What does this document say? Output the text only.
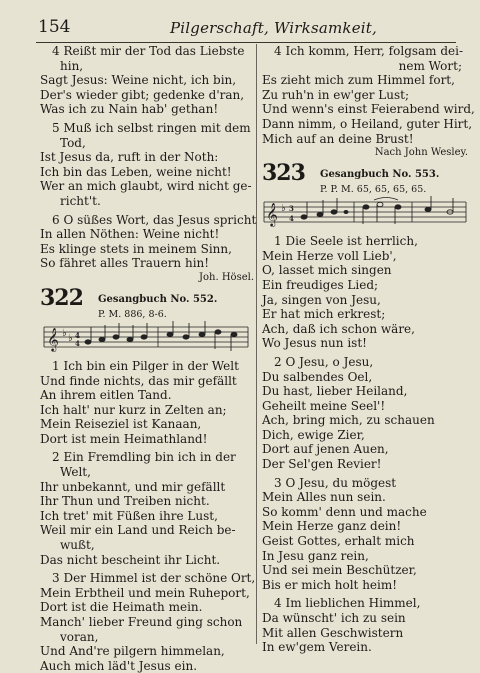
154	Pilgerschaft, Wirksamkeit,
4 Reißt mir der Tod das Liebste
hin,
Sagt Jesus: Weine nicht, ich bin,
Der's wieder gibt; gedenke d'ran,
Was ich zu Nain hab' gethan!
5 Muß ich selbst ringen mit dem
Tod,
Ist Jesus da, ruft in der Noth:
Ich bin das Leben, weine nicht!
Wer an mich glaubt, wird nicht ge-
richt't.
6 O süßes Wort, das Jesus spricht
In allen Nöthen: Weine nicht!
Es klinge stets in meinem Sinn,
So fähret alles Trauern hin!
Joh. Hösel.
322 Gesangbuch No. 552.
P. M. 886, 8-6.
𝄞 ♭ ♭ 4
4
1 Ich bin ein Pilger in der Welt
Und finde nichts, das mir gefällt
An ihrem eitlen Tand.
Ich halt' nur kurz in Zelten an;
Mein Reiseziel ist Kanaan,
Dort ist mein Heimathland!
2 Ein Fremdling bin ich in der
Welt,
Ihr unbekannt, und mir gefällt
Ihr Thun und Treiben nicht.
Ich tret' mit Füßen ihre Lust,
Weil mir ein Land und Reich be-
wußt,
Das nicht bescheint ihr Licht.
3 Der Himmel ist der schöne Ort,
Mein Erbtheil und mein Ruheport,
Dort ist die Heimath mein.
Manch' lieber Freund ging schon
voran,
Und And're pilgern himmelan,
Auch mich läd't Jesus ein.
4 Ich komm, Herr, folgsam dei-
nem Wort;
Es zieht mich zum Himmel fort,
Zu ruh'n in ew'ger Lust;
Und wenn's einst Feierabend wird,
Dann nimm, o Heiland, guter Hirt,
Mich auf an deine Brust!
Nach John Wesley.
323 Gesangbuch No. 553.
P. P. M. 65, 65, 65, 65.
𝄞 ♭ 3
4
1 Die Seele ist herrlich,
Mein Herze voll Lieb',
O, lasset mich singen
Ein freudiges Lied;
Ja, singen von Jesu,
Er hat mich erkrest;
Ach, daß ich schon wäre,
Wo Jesus nun ist!
2 O Jesu, o Jesu,
Du salbendes Oel,
Du hast, lieber Heiland,
Geheilt meine Seel'!
Ach, bring mich, zu schauen
Dich, ewige Zier,
Dort auf jenen Auen,
Der Sel'gen Revier!
3 O Jesu, du mögest
Mein Alles nun sein.
So komm' denn und mache
Mein Herze ganz dein!
Geist Gottes, erhalt mich
In Jesu ganz rein,
Und sei mein Beschützer,
Bis er mich holt heim!
4 Im lieblichen Himmel,
Da wünscht' ich zu sein
Mit allen Geschwistern
In ew'gem Verein.
